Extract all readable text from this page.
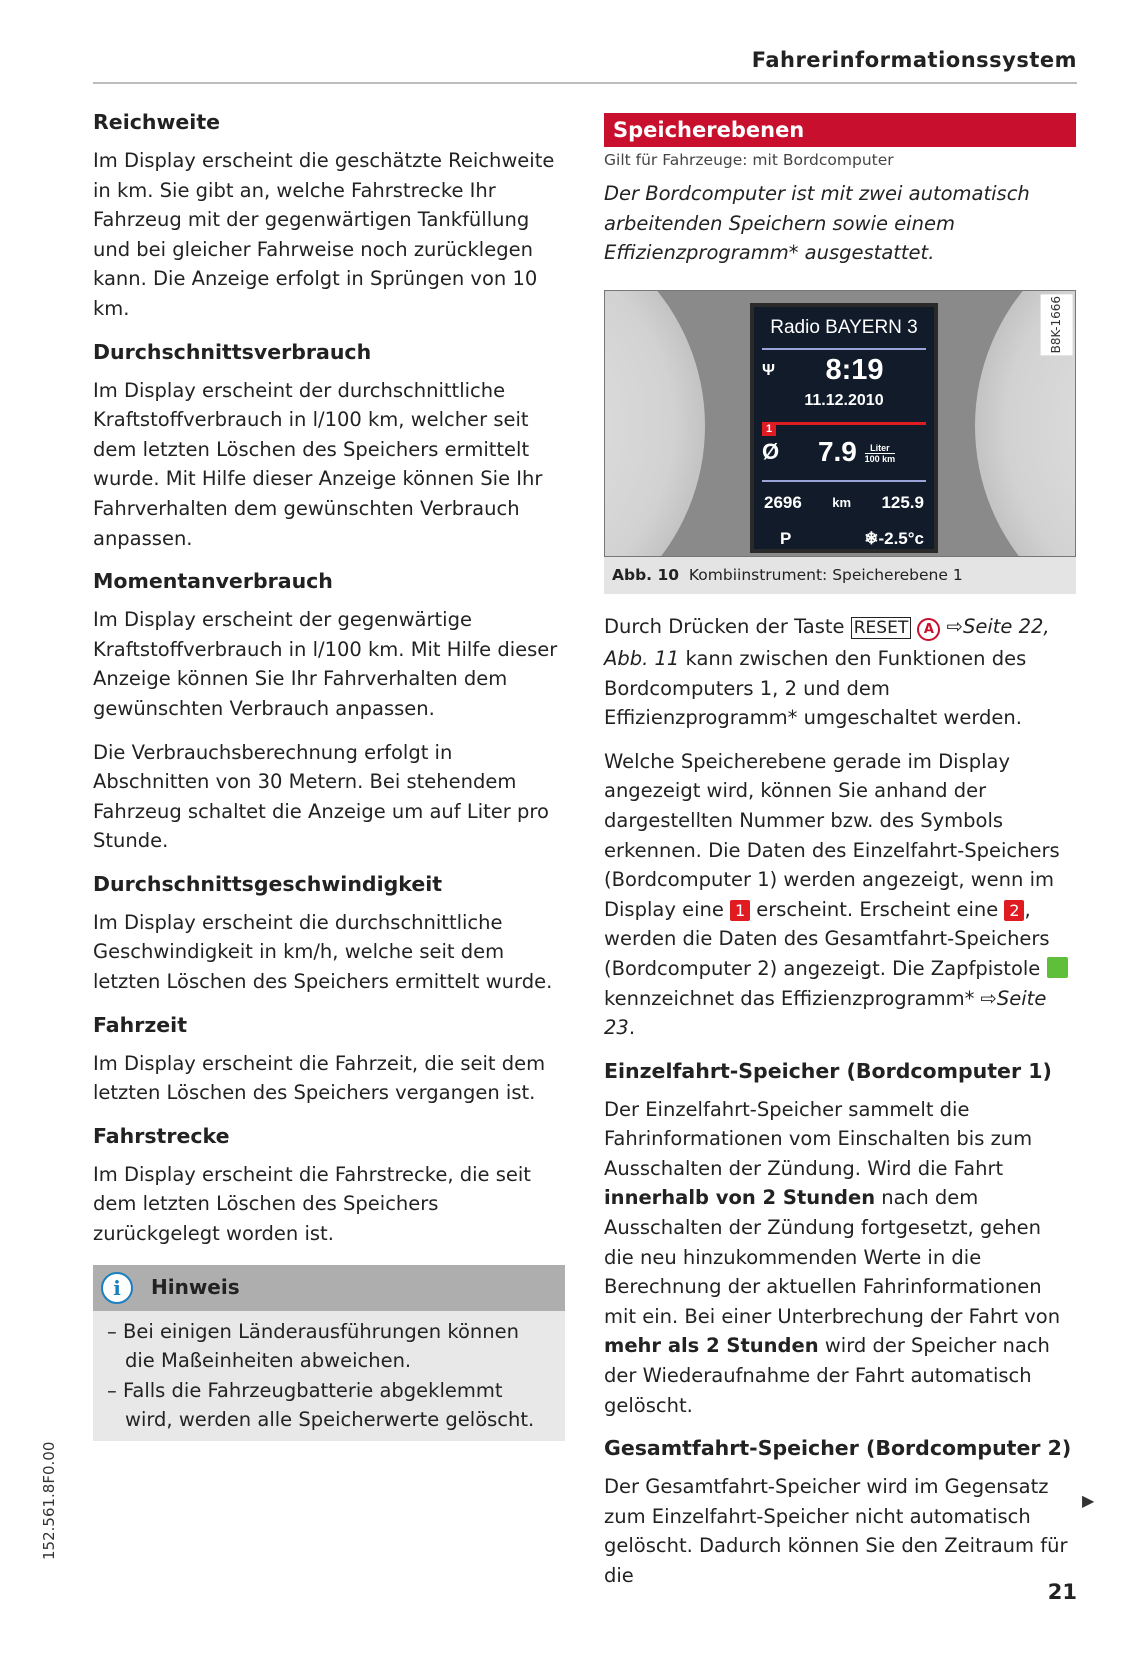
Fahrerinformationssystem
Reichweite

Im Display erscheint die geschätzte Reichweite in km. Sie gibt an, welche Fahrstrecke Ihr Fahrzeug mit der gegenwärtigen Tankfüllung und bei gleicher Fahrweise noch zurücklegen kann. Die Anzeige erfolgt in Sprüngen von 10 km.

Durchschnittsverbrauch

Im Display erscheint der durchschnittliche Kraftstoffverbrauch in l/100 km, welcher seit dem letzten Löschen des Speichers ermittelt wurde. Mit Hilfe dieser Anzeige können Sie Ihr Fahrverhalten dem gewünschten Verbrauch anpassen.

Momentanverbrauch

Im Display erscheint der gegenwärtige Kraftstoffverbrauch in l/100 km. Mit Hilfe dieser Anzeige können Sie Ihr Fahrverhalten dem gewünschten Verbrauch anpassen.

Die Verbrauchsberechnung erfolgt in Abschnitten von 30 Metern. Bei stehendem Fahrzeug schaltet die Anzeige um auf Liter pro Stunde.

Durchschnittsgeschwindigkeit

Im Display erscheint die durchschnittliche Geschwindigkeit in km/h, welche seit dem letzten Löschen des Speichers ermittelt wurde.

Fahrzeit

Im Display erscheint die Fahrzeit, die seit dem letzten Löschen des Speichers vergangen ist.

Fahrstrecke

Im Display erscheint die Fahrstrecke, die seit dem letzten Löschen des Speichers zurückgelegt worden ist.

i	Hinweis
– Bei einigen Länderausführungen können die Maßeinheiten abweichen.
– Falls die Fahrzeugbatterie abgeklemmt wird, werden alle Speicherwerte gelöscht.
Speicherebenen
Gilt für Fahrzeuge: mit Bordcomputer

Der Bordcomputer ist mit zwei automatisch arbeitenden Speichern sowie einem Effizienzprogramm* ausgestattet.

B8K-1666
Radio BAYERN 3
Ψ 8:19
11.12.2010
1
Ø 7.9	Liter
100 km
2696 km 125.9
P	❄-2.5°c
Abb. 10 Kombiinstrument: Speicherebene 1

Durch Drücken der Taste RESET A ⇨Seite 22, Abb. 11 kann zwischen den Funktionen des Bordcomputers 1, 2 und dem Effizienzprogramm* umgeschaltet werden.

Welche Speicherebene gerade im Display angezeigt wird, können Sie anhand der dargestellten Nummer bzw. des Symbols erkennen. Die Daten des Einzelfahrt-Speichers (Bordcomputer 1) werden angezeigt, wenn im Display eine 1 erscheint. Erscheint eine 2 , werden die Daten des Gesamtfahrt-Speichers (Bordcomputer 2) angezeigt. Die Zapfpistole  kennzeichnet das Effizienzprogramm* ⇨Seite 23.

Einzelfahrt-Speicher (Bordcomputer 1)

Der Einzelfahrt-Speicher sammelt die Fahrinformationen vom Einschalten bis zum Ausschalten der Zündung. Wird die Fahrt innerhalb von 2 Stunden nach dem Ausschalten der Zündung fortgesetzt, gehen die neu hinzukommenden Werte in die Berechnung der aktuellen Fahrinformationen mit ein. Bei einer Unterbrechung der Fahrt von mehr als 2 Stunden wird der Speicher nach der Wiederaufnahme der Fahrt automatisch gelöscht.

Gesamtfahrt-Speicher (Bordcomputer 2)

Der Gesamtfahrt-Speicher wird im Gegensatz zum Einzelfahrt-Speicher nicht automatisch gelöscht. Dadurch können Sie den Zeitraum für die

▶
152.561.8F0.00
21
